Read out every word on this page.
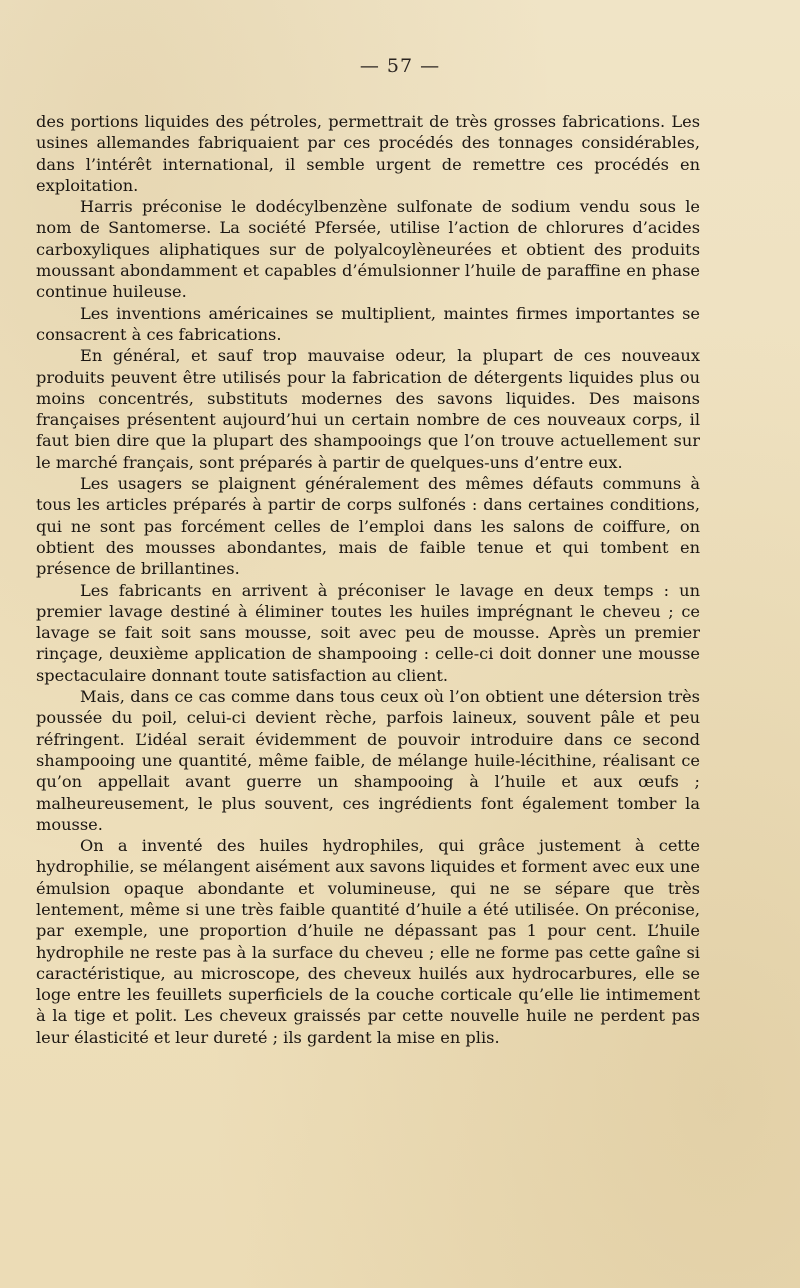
— 57 —

des portions liquides des pétroles, permettrait de très grosses fabrications. Les usines allemandes fabriquaient par ces procédés des tonnages considérables, dans l’intérêt international, il semble urgent de remettre ces procédés en exploitation.

Harris préconise le dodécylbenzène sulfonate de sodium vendu sous le nom de Santomerse. La société Pfersée, utilise l’action de chlorures d’acides carboxyliques aliphatiques sur de polyalcoylèneurées et obtient des produits moussant abondamment et capables d’émulsionner l’huile de paraffine en phase continue huileuse.

Les inventions américaines se multiplient, maintes firmes importantes se consacrent à ces fabrications.

En général, et sauf trop mauvaise odeur, la plupart de ces nouveaux produits peuvent être utilisés pour la fabrication de détergents liquides plus ou moins concentrés, substituts modernes des savons liquides. Des maisons françaises présentent aujourd’hui un certain nombre de ces nouveaux corps, il faut bien dire que la plupart des shampooings que l’on trouve actuellement sur le marché français, sont préparés à partir de quelques-uns d’entre eux.

Les usagers se plaignent généralement des mêmes défauts communs à tous les articles préparés à partir de corps sulfonés : dans certaines conditions, qui ne sont pas forcément celles de l’emploi dans les salons de coiffure, on obtient des mousses abondantes, mais de faible tenue et qui tombent en présence de brillantines.

Les fabricants en arrivent à préconiser le lavage en deux temps : un premier lavage destiné à éliminer toutes les huiles imprégnant le cheveu ; ce lavage se fait soit sans mousse, soit avec peu de mousse. Après un premier rinçage, deuxième application de shampooing : celle-ci doit donner une mousse spectaculaire donnant toute satisfaction au client.

Mais, dans ce cas comme dans tous ceux où l’on obtient une détersion très poussée du poil, celui-ci devient rèche, parfois laineux, souvent pâle et peu réfringent. L’idéal serait évidemment de pouvoir introduire dans ce second shampooing une quantité, même faible, de mélange huile-lécithine, réalisant ce qu’on appellait avant guerre un shampooing à l’huile et aux œufs ; malheureusement, le plus souvent, ces ingrédients font également tomber la mousse.

On a inventé des huiles hydrophiles, qui grâce justement à cette hydrophilie, se mélangent aisément aux savons liquides et forment avec eux une émulsion opaque abondante et volumineuse, qui ne se sépare que très lentement, même si une très faible quantité d’huile a été utilisée. On préconise, par exemple, une proportion d’huile ne dépassant pas 1 pour cent. L’huile hydrophile ne reste pas à la surface du cheveu ; elle ne forme pas cette gaîne si caractéristique, au microscope, des cheveux huilés aux hydrocarbures, elle se loge entre les feuillets superficiels de la couche corticale qu’elle lie intimement à la tige et polit. Les cheveux graissés par cette nouvelle huile ne perdent pas leur élasticité et leur dureté ; ils gardent la mise en plis.
